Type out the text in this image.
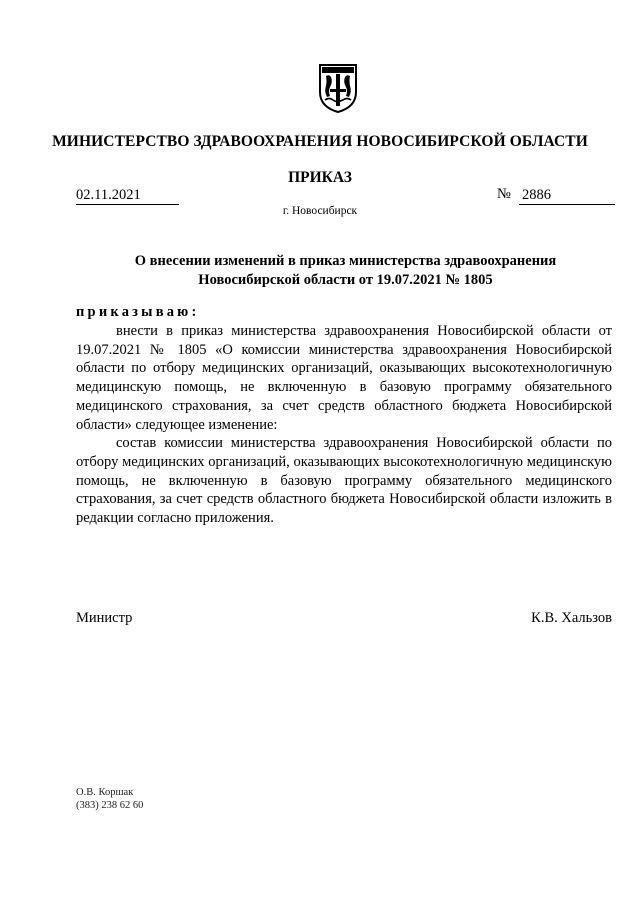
МИНИСТЕРСТВО ЗДРАВООХРАНЕНИЯ НОВОСИБИРСКОЙ ОБЛАСТИ
ПРИКАЗ
02.11.2021	№ 2886
г. Новосибирск
О внесении изменений в приказ министерства здравоохранения
Новосибирской области от 19.07.2021 № 1805
приказываю:

внести в приказ министерства здравоохранения Новосибирской области от 19.07.2021 № 1805 «О комиссии министерства здравоохранения Новосибирской области по отбору медицинских организаций, оказывающих высокотехнологичную медицинскую помощь, не включенную в базовую программу обязательного медицинского страхования, за счет средств областного бюджета Новосибирской области» следующее изменение:

состав комиссии министерства здравоохранения Новосибирской области по отбору медицинских организаций, оказывающих высокотехнологичную медицинскую помощь, не включенную в базовую программу обязательного медицинского страхования, за счет средств областного бюджета Новосибирской области изложить в редакции согласно приложения.

Министр	К.В. Хальзов
О.В. Коршак
(383) 238 62 60
